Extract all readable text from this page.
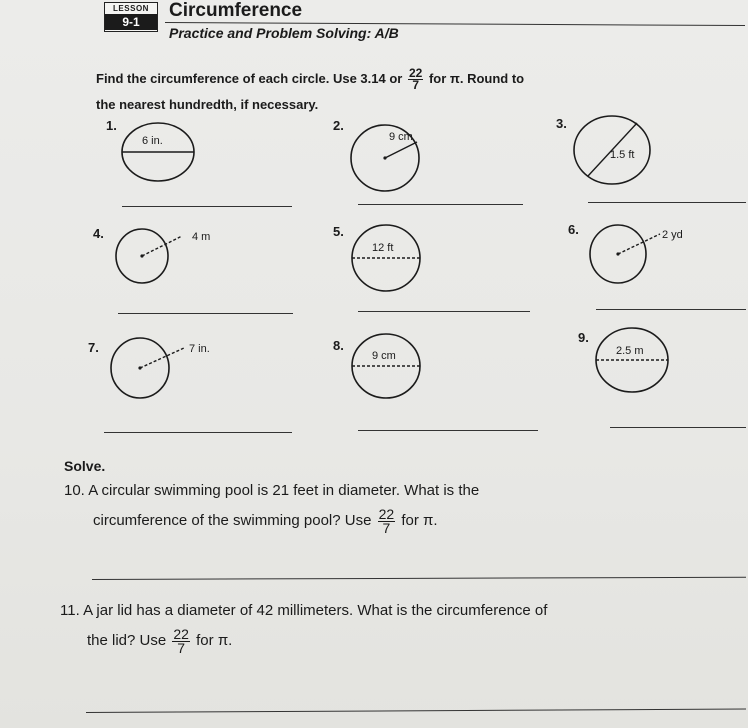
LESSON
9-1
Circumference
Practice and Problem Solving: A/B
Find the circumference of each circle. Use 3.14 or $\frac{22}{7}$ for π. Round to
the nearest hundredth, if necessary.
1.
6 in.
2.
9 cm
3.
1.5 ft
4.	4 m	5.
12 ft
6.	2 yd
7.	7 in.	8.
9 cm
9.
2.5 m
Solve.
10. A circular swimming pool is 21 feet in diameter. What is the
circumference of the swimming pool? Use $\frac{22}{7}$ for π.
11. A jar lid has a diameter of 42 millimeters. What is the circumference of
the lid? Use $\frac{22}{7}$ for π.
